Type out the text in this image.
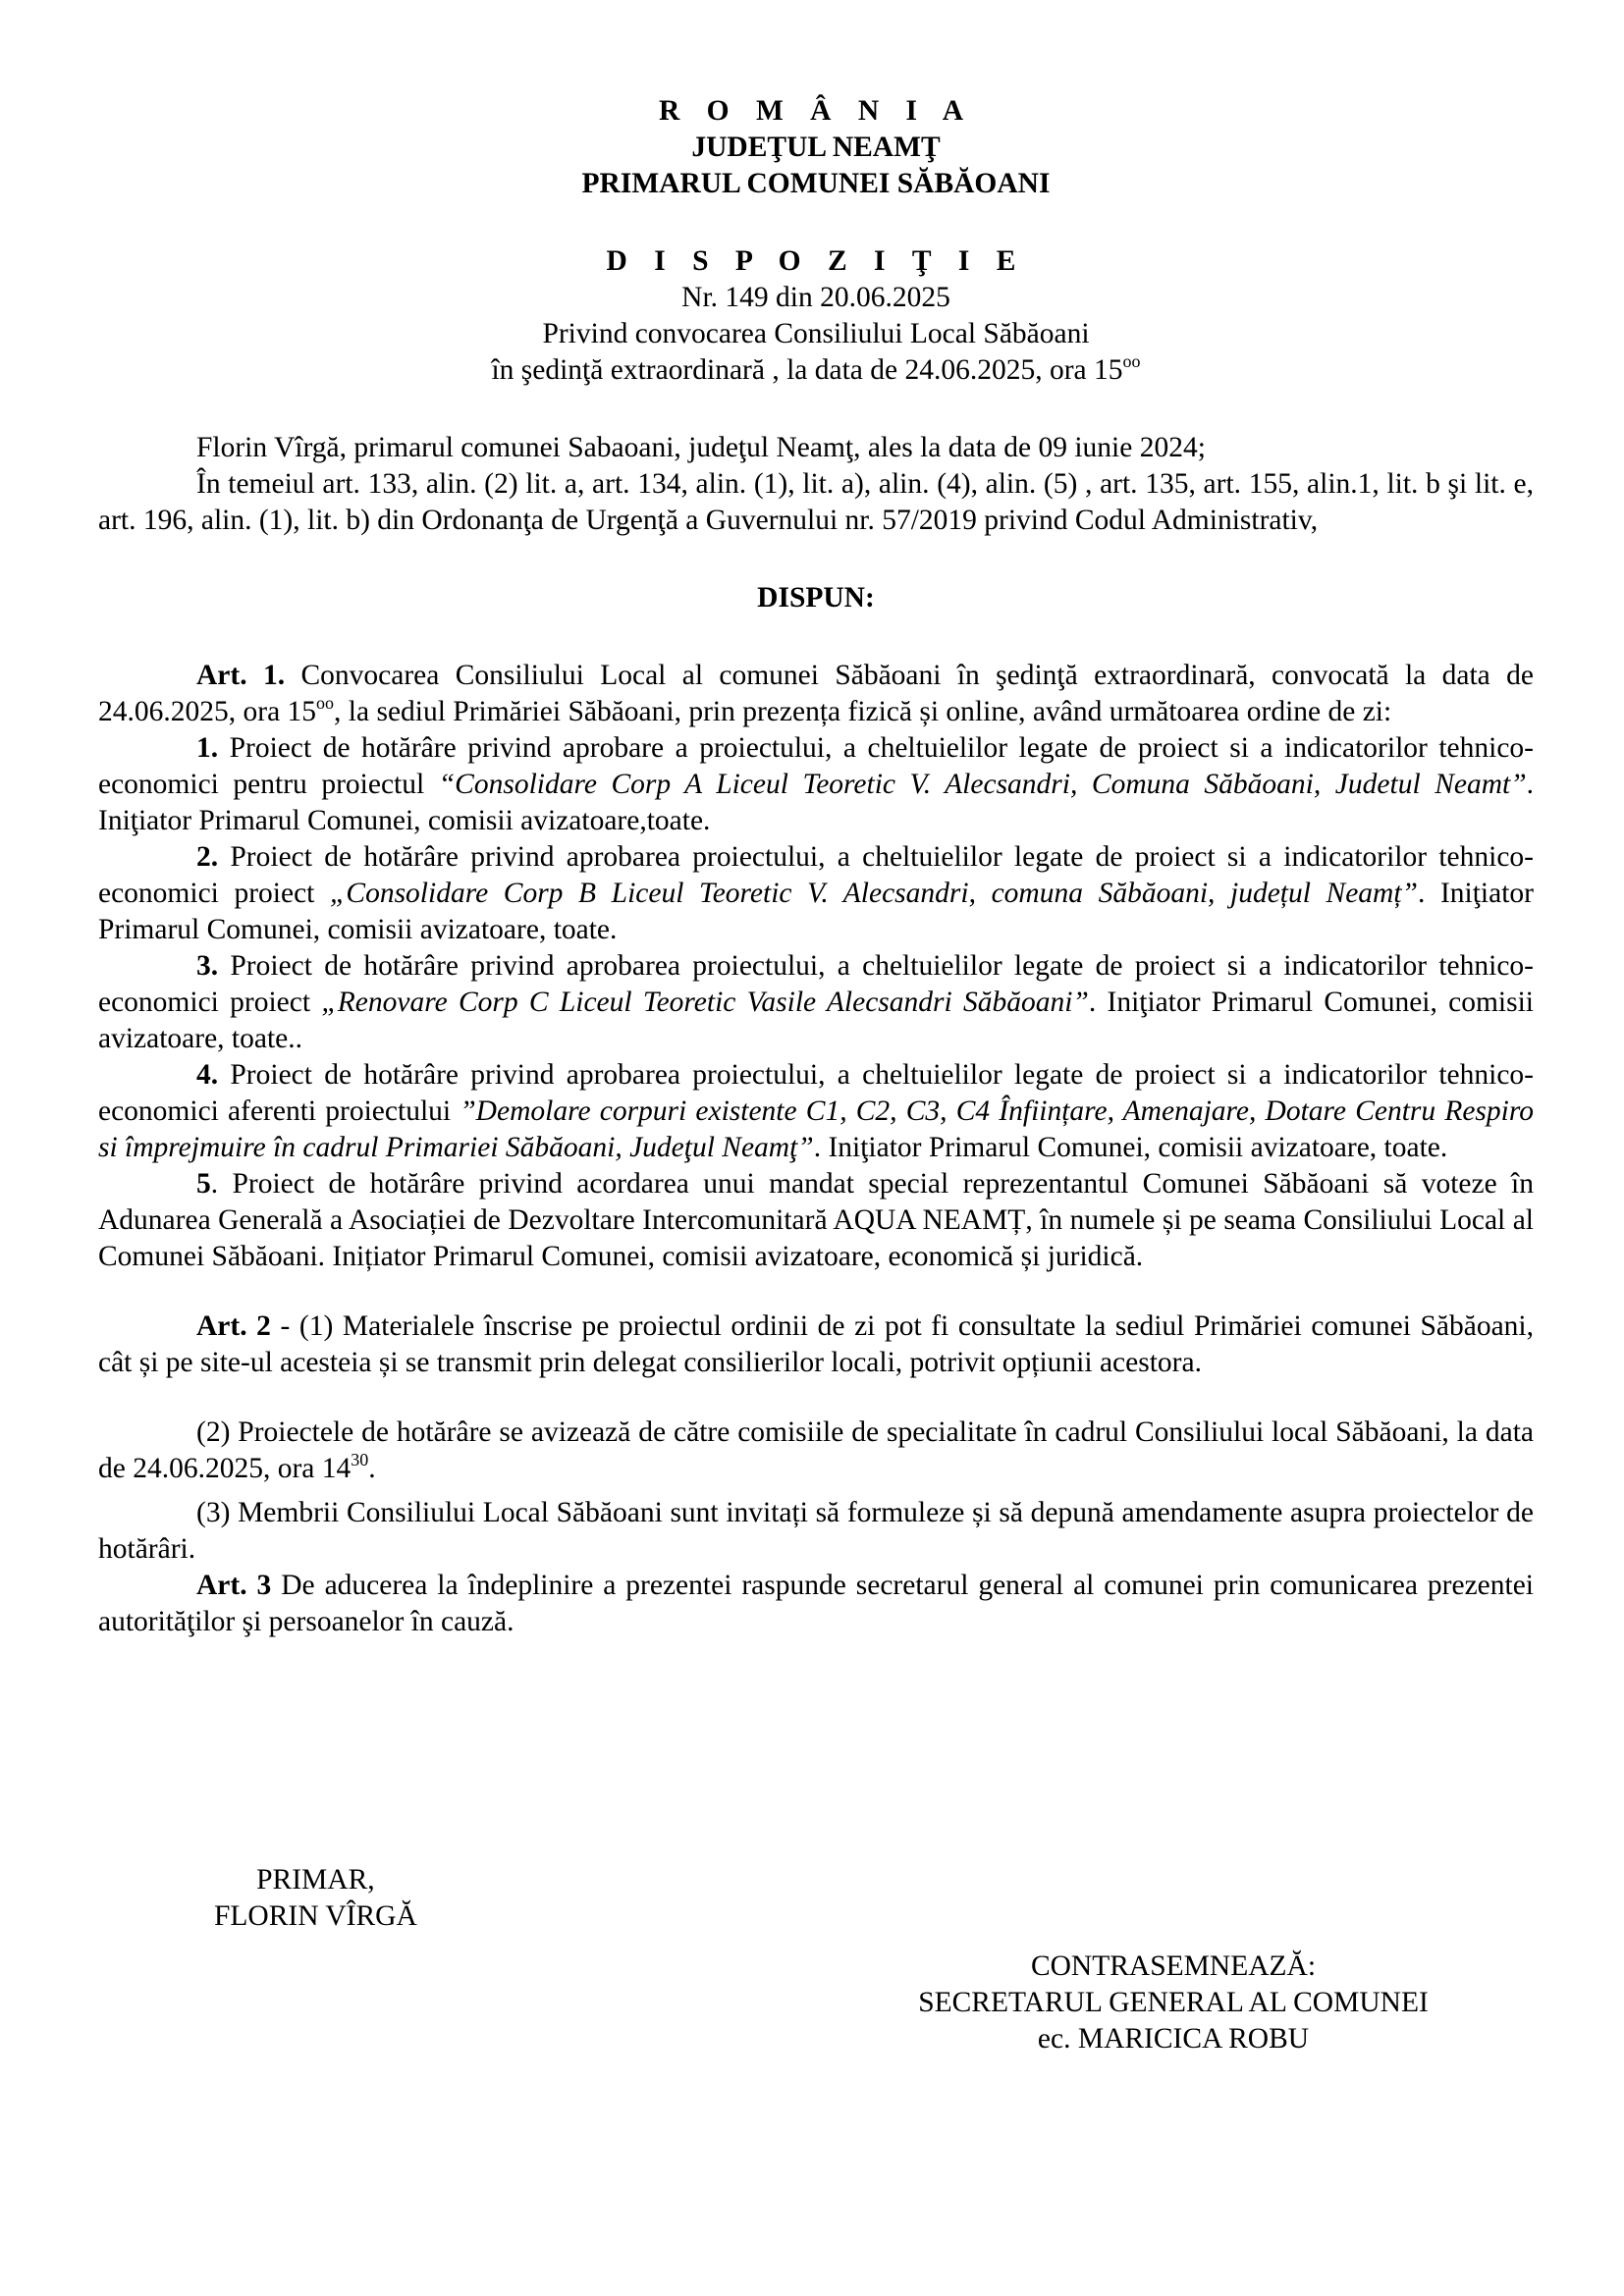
R O M Â N I A
JUDEŢUL NEAMŢ
PRIMARUL COMUNEI SĂBĂOANI
D I S P O Z I Ţ I E
Nr. 149 din 20.06.2025
Privind convocarea Consiliului Local Săbăoani
în şedinţă extraordinară , la data de 24.06.2025, ora $15^{oo}$

Florin Vîrgă, primarul comunei Sabaoani, judeţul Neamţ, ales la data de 09 iunie 2024;

În temeiul art. 133, alin. (2) lit. a, art. 134, alin. (1), lit. a), alin. (4), alin. (5) , art. 135, art. 155, alin.1, lit. b şi lit. e, art. 196, alin. (1), lit. b) din Ordonanţa de Urgenţă a Guvernului nr. 57/2019 privind Codul Administrativ,

DISPUN:

Art. 1. Convocarea Consiliului Local al comunei Săbăoani în şedinţă extraordinară, convocată la data de 24.06.2025, ora $15^{oo}$, la sediul Primăriei Săbăoani, prin prezența fizică și online, având următoarea ordine de zi:

1. Proiect de hotărâre privind aprobare a proiectului, a cheltuielilor legate de proiect si a indicatorilor tehnico-economici pentru proiectul “Consolidare Corp A Liceul Teoretic V. Alecsandri, Comuna Săbăoani, Judetul Neamt”. Iniţiator Primarul Comunei, comisii avizatoare,toate.

2. Proiect de hotărâre privind aprobarea proiectului, a cheltuielilor legate de proiect si a indicatorilor tehnico-economici proiect „Consolidare Corp B Liceul Teoretic V. Alecsandri, comuna Săbăoani, județul Neamț”. Iniţiator Primarul Comunei, comisii avizatoare, toate.

3. Proiect de hotărâre privind aprobarea proiectului, a cheltuielilor legate de proiect si a indicatorilor tehnico-economici proiect „Renovare Corp C Liceul Teoretic Vasile Alecsandri Săbăoani”. Iniţiator Primarul Comunei, comisii avizatoare, toate..

4. Proiect de hotărâre privind aprobarea proiectului, a cheltuielilor legate de proiect si a indicatorilor tehnico-economici aferenti proiectului ”Demolare corpuri existente C1, C2, C3, C4 Înființare, Amenajare, Dotare Centru Respiro si împrejmuire în cadrul Primariei Săbăoani, Judeţul Neamţ”. Iniţiator Primarul Comunei, comisii avizatoare, toate.

5. Proiect de hotărâre privind acordarea unui mandat special reprezentantul Comunei Săbăoani să voteze în Adunarea Generală a Asociației de Dezvoltare Intercomunitară AQUA NEAMȚ, în numele și pe seama Consiliului Local al Comunei Săbăoani. Inițiator Primarul Comunei, comisii avizatoare, economică și juridică.

Art. 2 - (1) Materialele înscrise pe proiectul ordinii de zi pot fi consultate la sediul Primăriei comunei Săbăoani, cât și pe site-ul acesteia și se transmit prin delegat consilierilor locali, potrivit opțiunii acestora.

(2) Proiectele de hotărâre se avizează de către comisiile de specialitate în cadrul Consiliului local Săbăoani, la data de 24.06.2025, ora $14^{30}$.

(3) Membrii Consiliului Local Săbăoani sunt invitați să formuleze și să depună amendamente asupra proiectelor de hotărâri.

Art. 3 De aducerea la îndeplinire a prezentei raspunde secretarul general al comunei prin comunicarea prezentei autorităţilor şi persoanelor în cauză.

PRIMAR,
FLORIN VÎRGĂ
CONTRASEMNEAZĂ:
SECRETARUL GENERAL AL COMUNEI
ec. MARICICA ROBU
